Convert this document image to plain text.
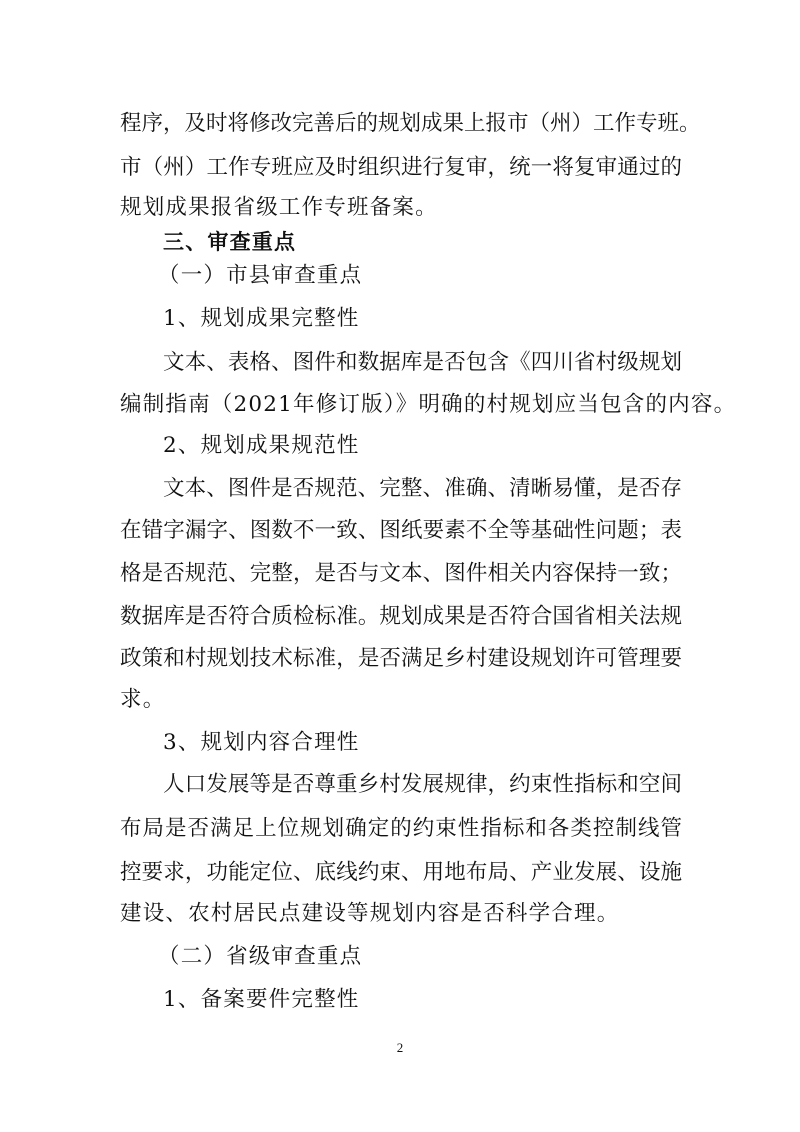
程序，及时将修改完善后的规划成果上报市（州）工作专班。
市（州）工作专班应及时组织进行复审，统一将复审通过的
规划成果报省级工作专班备案。
三、审查重点
（一）市县审查重点
1、规划成果完整性
文本、表格、图件和数据库是否包含《四川省村级规划
编制指南（2021年修订版）》明确的村规划应当包含的内容。
2、规划成果规范性
文本、图件是否规范、完整、准确、清晰易懂，是否存
在错字漏字、图数不一致、图纸要素不全等基础性问题；表
格是否规范、完整，是否与文本、图件相关内容保持一致；
数据库是否符合质检标准。规划成果是否符合国省相关法规
政策和村规划技术标准，是否满足乡村建设规划许可管理要
求。
3、规划内容合理性
人口发展等是否尊重乡村发展规律，约束性指标和空间
布局是否满足上位规划确定的约束性指标和各类控制线管
控要求，功能定位、底线约束、用地布局、产业发展、设施
建设、农村居民点建设等规划内容是否科学合理。
（二）省级审查重点
1、备案要件完整性
2
